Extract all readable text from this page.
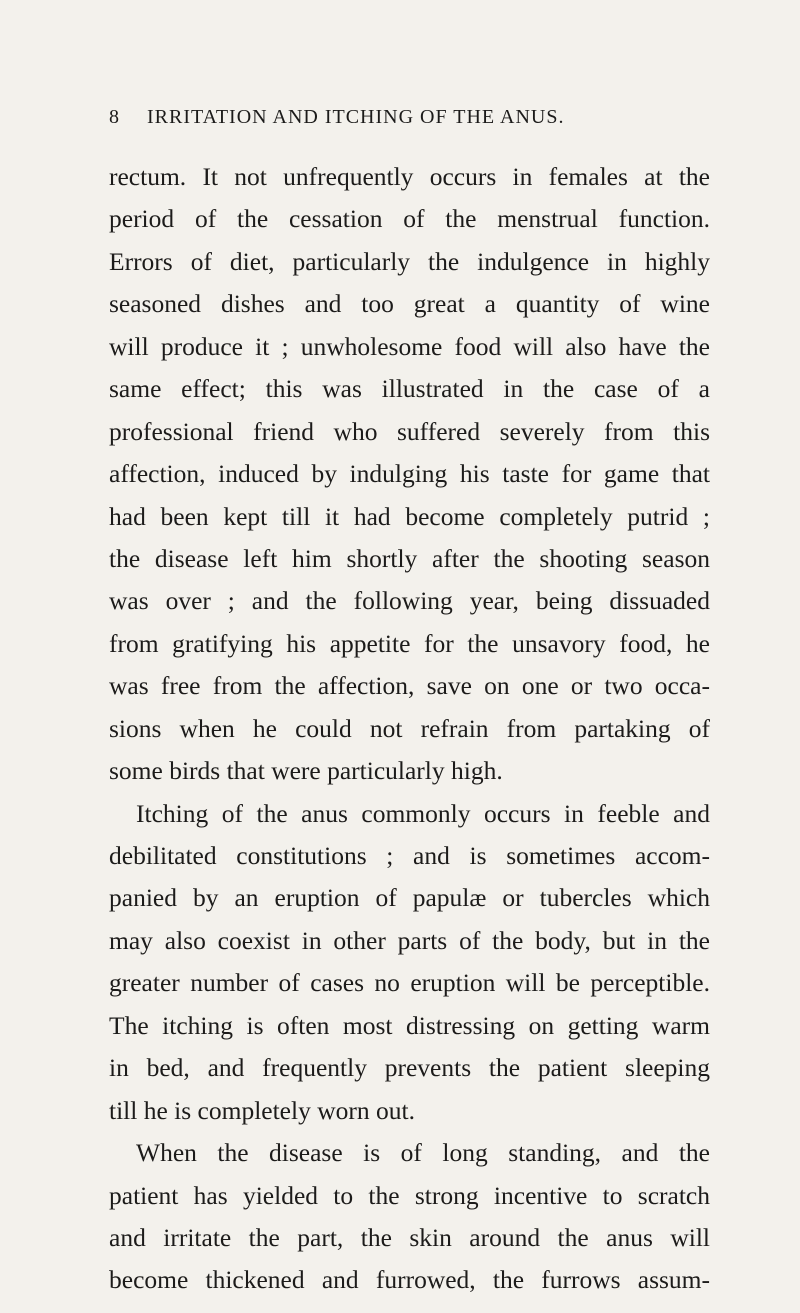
8 IRRITATION AND ITCHING OF THE ANUS.
rectum. It not unfrequently occurs in females at the
period of the cessation of the menstrual function.
Errors of diet, particularly the indulgence in highly
seasoned dishes and too great a quantity of wine
will produce it ; unwholesome food will also have the
same effect; this was illustrated in the case of a
professional friend who suffered severely from this
affection, induced by indulging his taste for game that
had been kept till it had become completely putrid ;
the disease left him shortly after the shooting season
was over ; and the following year, being dissuaded
from gratifying his appetite for the unsavory food, he
was free from the affection, save on one or two occa-
sions when he could not refrain from partaking of
some birds that were particularly high.
Itching of the anus commonly occurs in feeble and
debilitated constitutions ; and is sometimes accom-
panied by an eruption of papulæ or tubercles which
may also coexist in other parts of the body, but in the
greater number of cases no eruption will be perceptible.
The itching is often most distressing on getting warm
in bed, and frequently prevents the patient sleeping
till he is completely worn out.
When the disease is of long standing, and the
patient has yielded to the strong incentive to scratch
and irritate the part, the skin around the anus will
become thickened and furrowed, the furrows assum-
